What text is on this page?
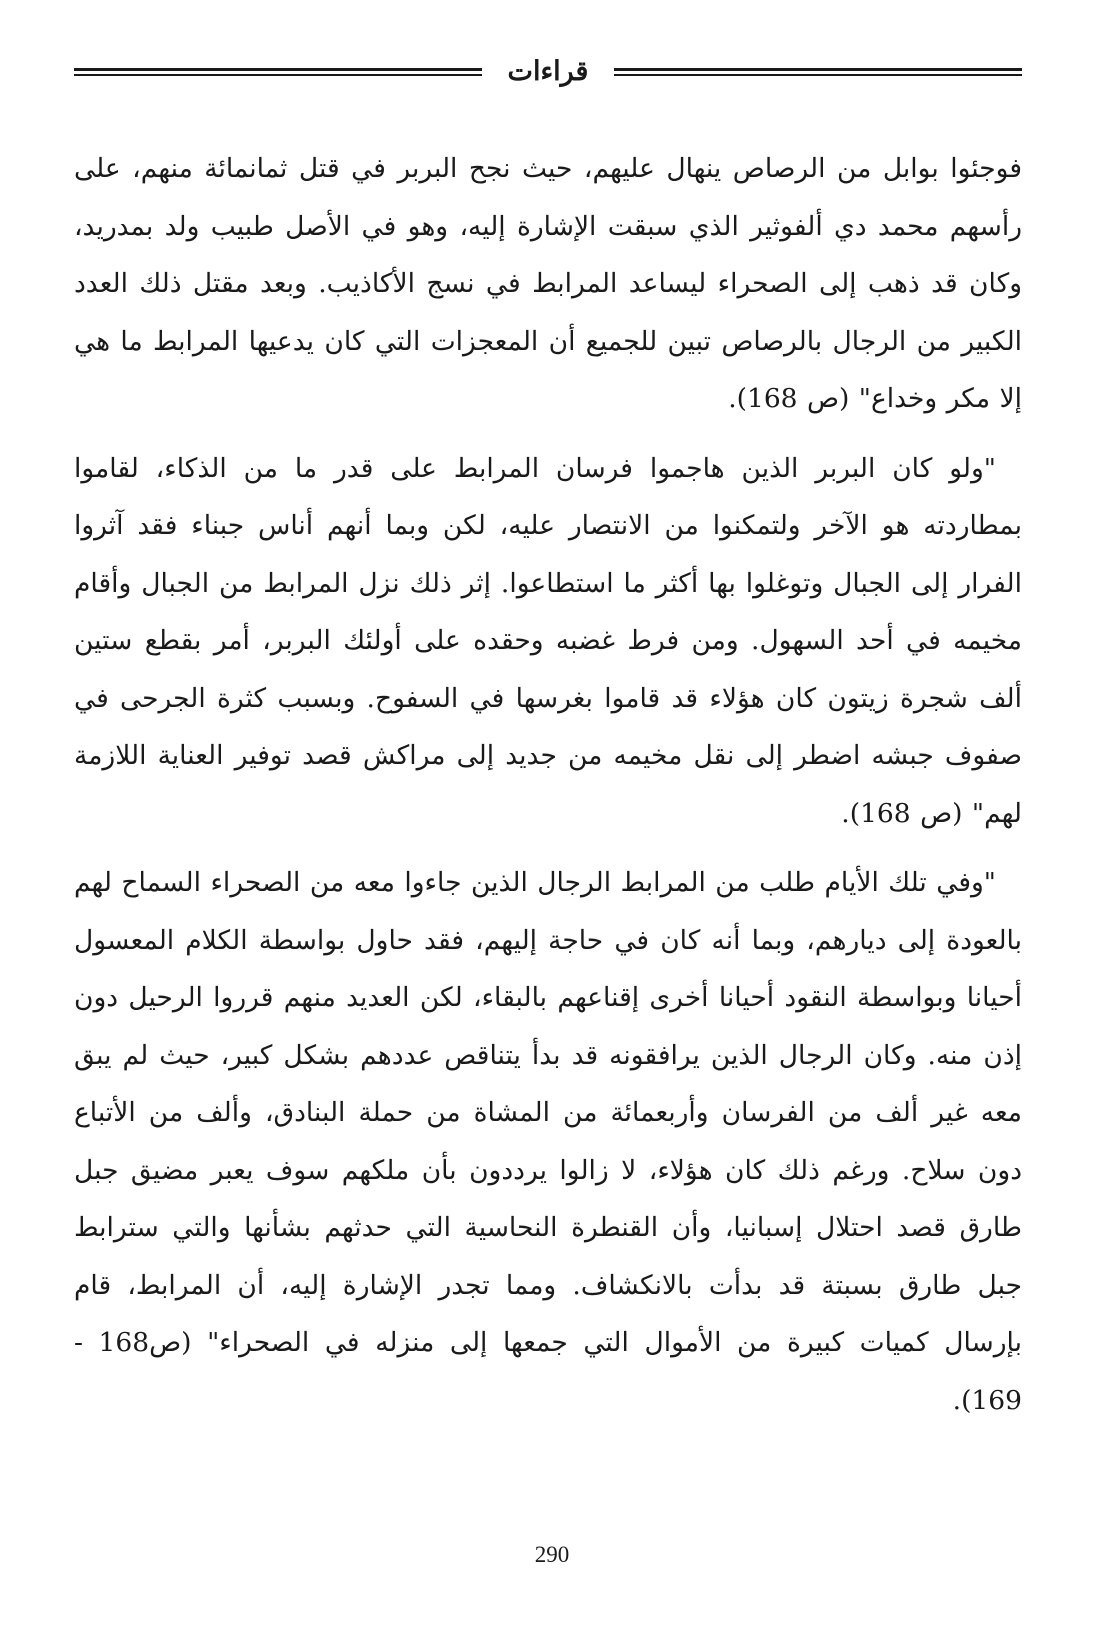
قراءات

فوجئوا بوابل من الرصاص ينهال عليهم، حيث نجح البربر في قتل ثمانمائة منهم، على رأسهم محمد دي ألفوثير الذي سبقت الإشارة إليه، وهو في الأصل طبيب ولد بمدريد، وكان قد ذهب إلى الصحراء ليساعد المرابط في نسج الأكاذيب. وبعد مقتل ذلك العدد الكبير من الرجال بالرصاص تبين للجميع أن المعجزات التي كان يدعيها المرابط ما هي إلا مكر وخداع" (ص 168).

"ولو كان البربر الذين هاجموا فرسان المرابط على قدر ما من الذكاء، لقاموا بمطاردته هو الآخر ولتمكنوا من الانتصار عليه، لكن وبما أنهم أناس جبناء فقد آثروا الفرار إلى الجبال وتوغلوا بها أكثر ما استطاعوا. إثر ذلك نزل المرابط من الجبال وأقام مخيمه في أحد السهول. ومن فرط غضبه وحقده على أولئك البربر، أمر بقطع ستين ألف شجرة زيتون كان هؤلاء قد قاموا بغرسها في السفوح. وبسبب كثرة الجرحى في صفوف جبشه اضطر إلى نقل مخيمه من جديد إلى مراكش قصد توفير العناية اللازمة لهم" (ص 168).

"وفي تلك الأيام طلب من المرابط الرجال الذين جاءوا معه من الصحراء السماح لهم بالعودة إلى ديارهم، وبما أنه كان في حاجة إليهم، فقد حاول بواسطة الكلام المعسول أحيانا وبواسطة النقود أحيانا أخرى إقناعهم بالبقاء، لكن العديد منهم قرروا الرحيل دون إذن منه. وكان الرجال الذين يرافقونه قد بدأ يتناقص عددهم بشكل كبير، حيث لم يبق معه غير ألف من الفرسان وأربعمائة من المشاة من حملة البنادق، وألف من الأتباع دون سلاح. ورغم ذلك كان هؤلاء، لا زالوا يرددون بأن ملكهم سوف يعبر مضيق جبل طارق قصد احتلال إسبانيا، وأن القنطرة النحاسية التي حدثهم بشأنها والتي سترابط جبل طارق بسبتة قد بدأت بالانكشاف. ومما تجدر الإشارة إليه، أن المرابط، قام بإرسال كميات كبيرة من الأموال التي جمعها إلى منزله في الصحراء" (ص168 - 169).

290
